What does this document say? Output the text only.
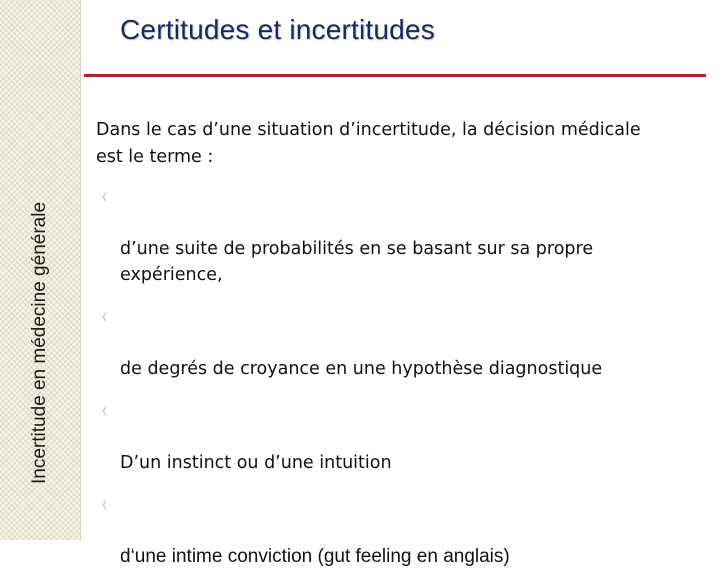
Incertitude en médecine générale
Certitudes et incertitudes

Dans le cas d’une situation d’incertitude, la décision médicale
est le terme :

d’une suite de probabilités en se basant sur sa propre
expérience,

de degrés de croyance en une hypothèse diagnostique

D’un instinct ou d’une intuition

d‘une intime conviction (gut feeling en anglais)
